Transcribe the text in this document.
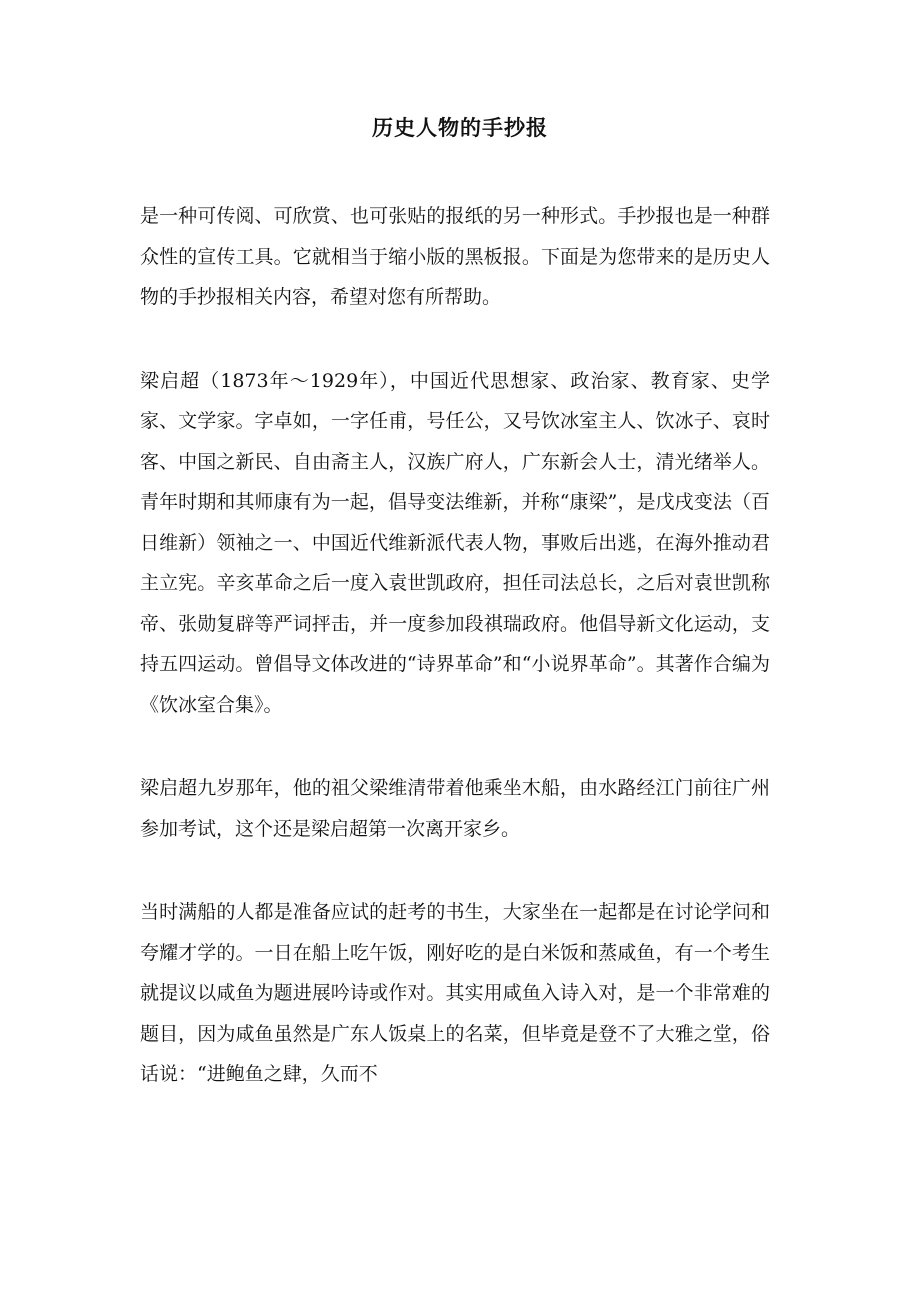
历史人物的手抄报

是一种可传阅、可欣赏、也可张贴的报纸的另一种形式。手抄报也是一种群众性的宣传工具。它就相当于缩小版的黑板报。下面是为您带来的是历史人物的手抄报相关内容，希望对您有所帮助。

梁启超（1873年～1929年），中国近代思想家、政治家、教育家、史学家、文学家。字卓如，一字任甫，号任公，又号饮冰室主人、饮冰子、哀时客、中国之新民、自由斋主人，汉族广府人，广东新会人士，清光绪举人。青年时期和其师康有为一起，倡导变法维新，并称“康梁”，是戊戌变法（百日维新）领袖之一、中国近代维新派代表人物，事败后出逃，在海外推动君主立宪。辛亥革命之后一度入袁世凯政府，担任司法总长，之后对袁世凯称帝、张勋复辟等严词抨击，并一度参加段祺瑞政府。他倡导新文化运动，支持五四运动。曾倡导文体改进的“诗界革命”和“小说界革命”。其著作合编为《饮冰室合集》。

梁启超九岁那年，他的祖父梁维清带着他乘坐木船，由水路经江门前往广州参加考试，这个还是梁启超第一次离开家乡。

当时满船的人都是准备应试的赶考的书生，大家坐在一起都是在讨论学问和夸耀才学的。一日在船上吃午饭，刚好吃的是白米饭和蒸咸鱼，有一个考生就提议以咸鱼为题进展吟诗或作对。其实用咸鱼入诗入对，是一个非常难的题目，因为咸鱼虽然是广东人饭桌上的名菜，但毕竟是登不了大雅之堂，俗话说：“进鲍鱼之肆，久而不
